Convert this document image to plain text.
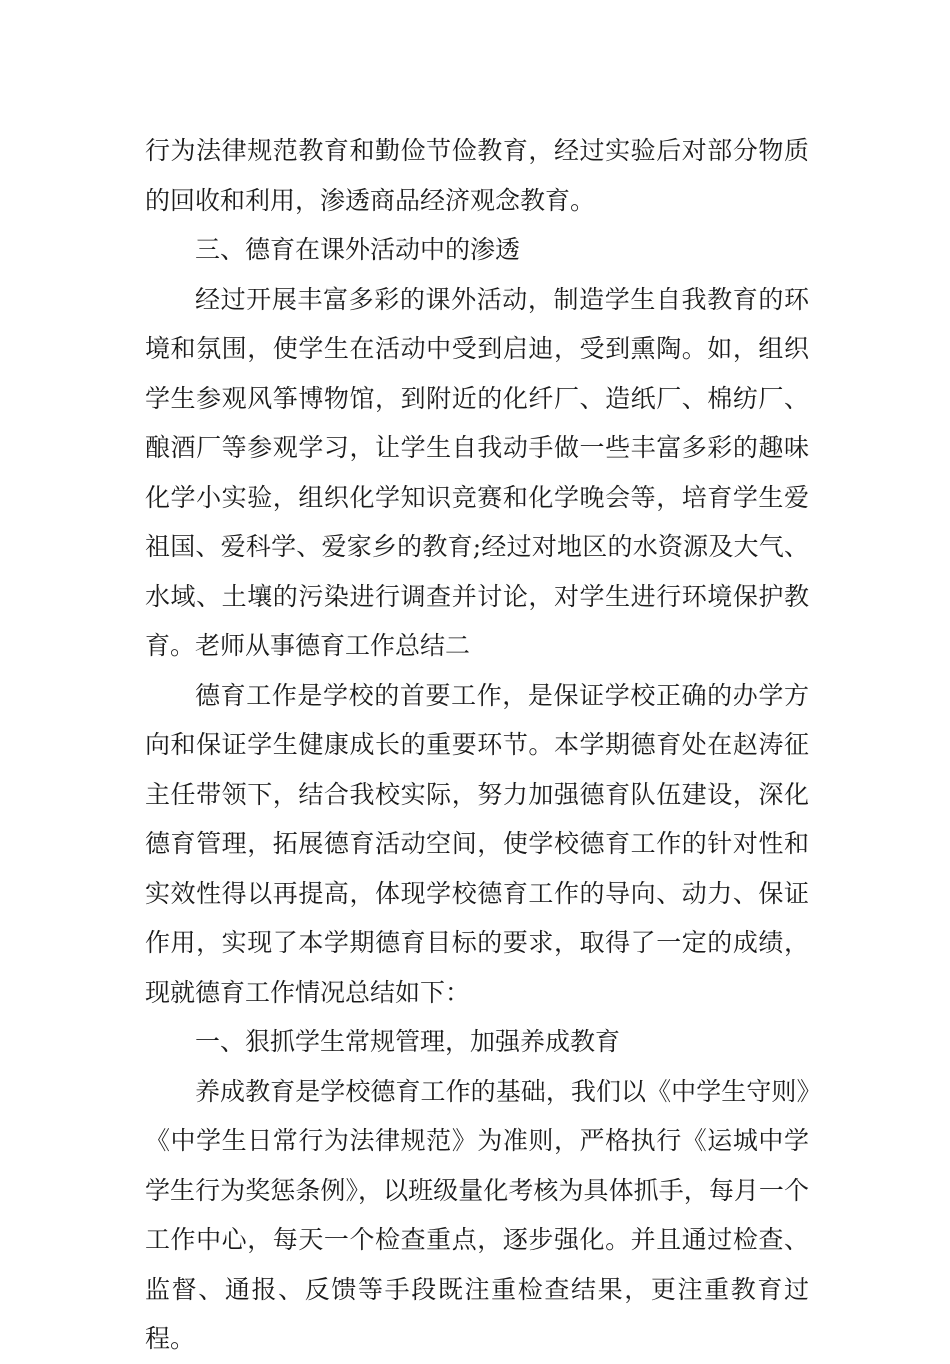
行为法律规范教育和勤俭节俭教育，经过实验后对部分物质的回收和利用，渗透商品经济观念教育。

三、德育在课外活动中的渗透

经过开展丰富多彩的课外活动，制造学生自我教育的环境和氛围，使学生在活动中受到启迪，受到熏陶。如，组织学生参观风筝博物馆，到附近的化纤厂、造纸厂、棉纺厂、酿酒厂等参观学习，让学生自我动手做一些丰富多彩的趣味化学小实验，组织化学知识竞赛和化学晚会等，培育学生爱祖国、爱科学、爱家乡的教育;经过对地区的水资源及大气、水域、土壤的污染进行调查并讨论，对学生进行环境保护教育。老师从事德育工作总结二

德育工作是学校的首要工作，是保证学校正确的办学方向和保证学生健康成长的重要环节。本学期德育处在赵涛征主任带领下，结合我校实际，努力加强德育队伍建设，深化德育管理，拓展德育活动空间，使学校德育工作的针对性和实效性得以再提高，体现学校德育工作的导向、动力、保证作用，实现了本学期德育目标的要求，取得了一定的成绩，现就德育工作情况总结如下：

一、狠抓学生常规管理，加强养成教育

养成教育是学校德育工作的基础，我们以《中学生守则》《中学生日常行为法律规范》为准则，严格执行《运城中学学生行为奖惩条例》，以班级量化考核为具体抓手，每月一个工作中心，每天一个检查重点，逐步强化。并且通过检查、监督、通报、反馈等手段既注重检查结果，更注重教育过程。
